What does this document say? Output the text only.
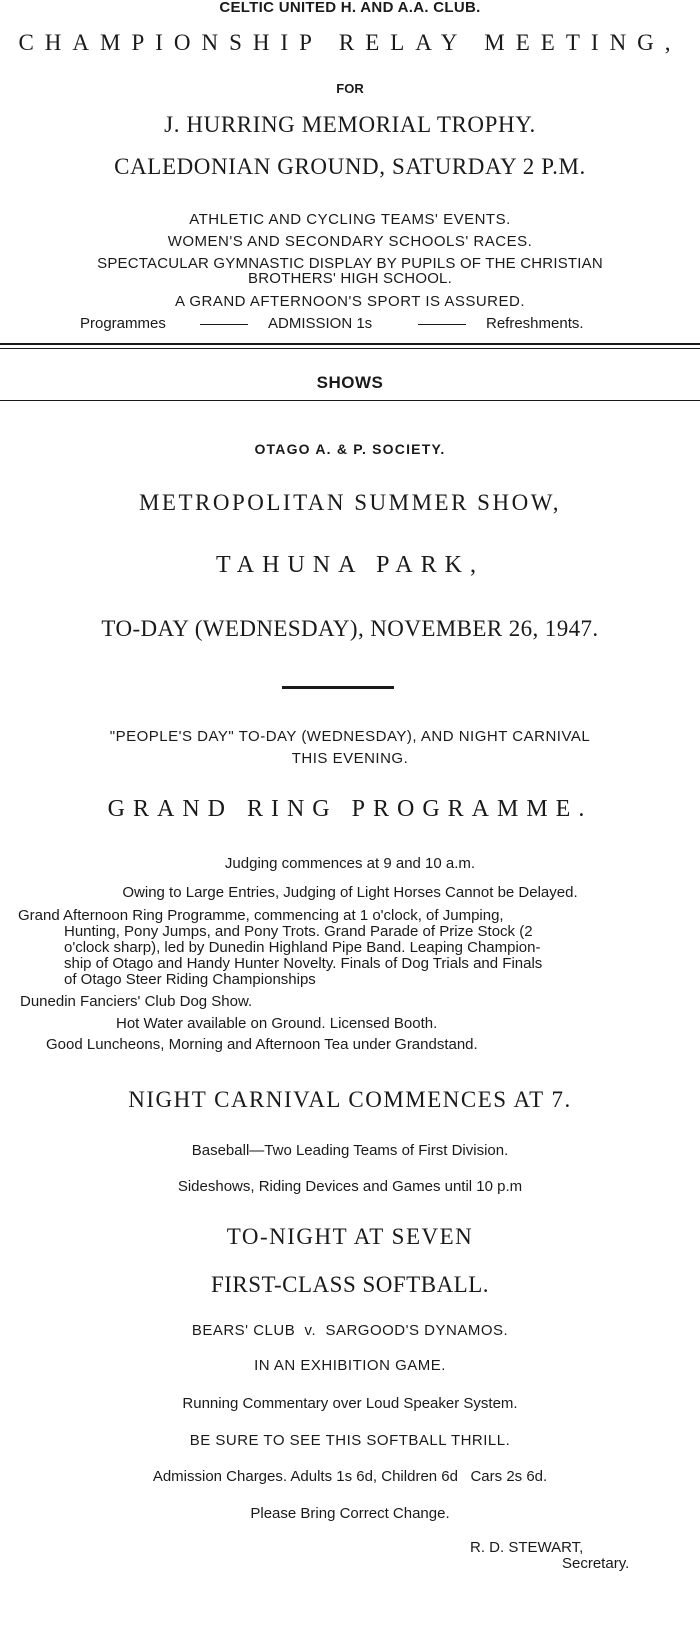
CELTIC UNITED H. AND A.A. CLUB.
CHAMPIONSHIP RELAY MEETING,
FOR
J. HURRING MEMORIAL TROPHY.
CALEDONIAN GROUND, SATURDAY 2 P.M.
ATHLETIC AND CYCLING TEAMS' EVENTS.
WOMEN'S AND SECONDARY SCHOOLS' RACES.
SPECTACULAR GYMNASTIC DISPLAY BY PUPILS OF THE CHRISTIAN
BROTHERS' HIGH SCHOOL.
A GRAND AFTERNOON'S SPORT IS ASSURED.
Programmes	ADMISSION 1s	Refreshments.
SHOWS
OTAGO A. & P. SOCIETY.
METROPOLITAN SUMMER SHOW,
TAHUNA PARK,
TO-DAY (WEDNESDAY), NOVEMBER 26, 1947.
"PEOPLE'S DAY" TO-DAY (WEDNESDAY), AND NIGHT CARNIVAL
THIS EVENING.
GRAND RING PROGRAMME.
Judging commences at 9 and 10 a.m.
Owing to Large Entries, Judging of Light Horses Cannot be Delayed.
Grand Afternoon Ring Programme, commencing at 1 o'clock, of Jumping,
Hunting, Pony Jumps, and Pony Trots. Grand Parade of Prize Stock (2
o'clock sharp), led by Dunedin Highland Pipe Band. Leaping Champion-
ship of Otago and Handy Hunter Novelty. Finals of Dog Trials and Finals
of Otago Steer Riding Championships
Dunedin Fanciers' Club Dog Show.
Hot Water available on Ground. Licensed Booth.
Good Luncheons, Morning and Afternoon Tea under Grandstand.
NIGHT CARNIVAL COMMENCES AT 7.
Baseball—Two Leading Teams of First Division.
Sideshows, Riding Devices and Games until 10 p.m
TO-NIGHT AT SEVEN
FIRST-CLASS SOFTBALL.
BEARS' CLUB  v.  SARGOOD'S DYNAMOS.
IN AN EXHIBITION GAME.
Running Commentary over Loud Speaker System.
BE SURE TO SEE THIS SOFTBALL THRILL.
Admission Charges. Adults 1s 6d, Children 6d   Cars 2s 6d.
Please Bring Correct Change.
R. D. STEWART,
Secretary.
